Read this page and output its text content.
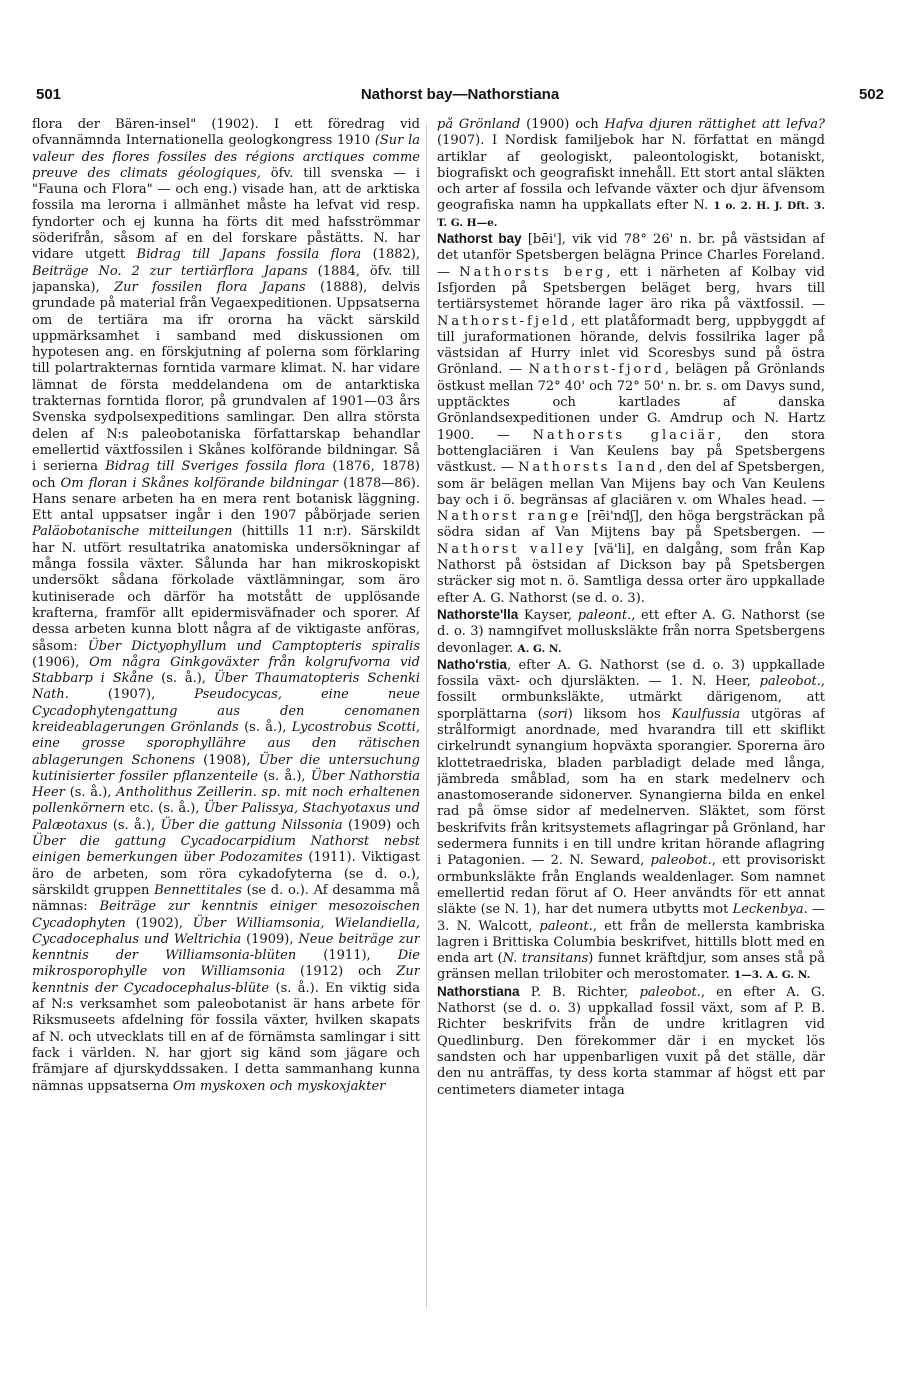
501	Nathorst bay—Nathorstiana	502

flora der Bären-insel" (1902). I ett föredrag vid ofvannämnda Internationella geologkongress 1910 (Sur la valeur des flores fossiles des régions arctiques comme preuve des climats géologiques, öfv. till svenska — i "Fauna och Flora" — och eng.) visade han, att de arktiska fossila ma lerorna i allmänhet måste ha lefvat vid resp. fyndorter och ej kunna ha förts dit med hafsströmmar söderifrån, såsom af en del forskare påstätts. N. har vidare utgett Bidrag till Japans fossila flora (1882), Beiträge No. 2 zur tertiärflora Japans (1884, öfv. till japanska), Zur fossilen flora Japans (1888), delvis grundade på material från Vegaexpeditionen. Uppsatserna om de tertiära ma ifr ororna ha väckt särskild uppmärksamhet i samband med diskussionen om hypotesen ang. en förskjutning af polerna som förklaring till polartrakternas forntida varmare klimat. N. har vidare lämnat de första meddelandena om de antarktiska trakternas forntida floror, på grundvalen af 1901—03 års Svenska sydpolsexpeditions samlingar. Den allra största delen af N:s paleobotaniska författarskap behandlar emellertid växtfossilen i Skånes kolförande bildningar. Så i serierna Bidrag till Sveriges fossila flora (1876, 1878) och Om floran i Skånes kolförande bildningar (1878—86). Hans senare arbeten ha en mera rent botanisk läggning. Ett antal uppsatser ingår i den 1907 påbörjade serien Paläobotanische mitteilungen (hittills 11 n:r). Särskildt har N. utfört resultatrika anatomiska undersökningar af många fossila växter. Sålunda har han mikroskopiskt undersökt sådana förkolade växtlämningar, som äro kutiniserade och därför ha motstått de upplösande krafterna, framför allt epidermisväfnader och sporer. Af dessa arbeten kunna blott några af de viktigaste anföras, såsom: Über Dictyophyllum und Camptopteris spiralis (1906), Om några Ginkgoväxter från kolgrufvorna vid Stabbarp i Skåne (s. å.), Über Thaumatopteris Schenki Nath. (1907), Pseudocycas, eine neue Cycadophytengattung aus den cenomanen kreideablagerungen Grönlands (s. å.), Lycostrobus Scotti, eine grosse sporophyllähre aus den rätischen ablagerungen Schonens (1908), Über die untersuchung kutinisierter fossiler pflanzenteile (s. å.), Über Nathorstia Heer (s. å.), Antholithus Zeillerin. sp. mit noch erhaltenen pollenkörnern etc. (s. å.), Über Palissya, Stachyotaxus und Palæotaxus (s. å.), Über die gattung Nilssonia (1909) och Über die gattung Cycadocarpidium Nathorst nebst einigen bemerkungen über Podozamites (1911). Viktigast äro de arbeten, som röra cykadofyterna (se d. o.), särskildt gruppen Bennettitales (se d. o.). Af desamma må nämnas: Beiträge zur kenntnis einiger mesozoischen Cycadophyten (1902), Über Williamsonia, Wielandiella, Cycadocephalus und Weltrichia (1909), Neue beiträge zur kenntnis der Williamsonia-blüten (1911), Die mikrosporophylle von Williamsonia (1912) och Zur kenntnis der Cycadocephalus-blüte (s. å.). En viktig sida af N:s verksamhet som paleobotanist är hans arbete för Riksmuseets afdelning för fossila växter, hvilken skapats af N. och utvecklats till en af de förnämsta samlingar i sitt fack i världen. N. har gjort sig känd som jägare och främjare af djurskyddssaken. I detta sammanhang kunna nämnas uppsatserna Om myskoxen och myskoxjakter

på Grönland (1900) och Hafva djuren rättighet att lefva? (1907). I Nordisk familjebok har N. författat en mängd artiklar af geologiskt, paleontologiskt, botaniskt, biografiskt och geografiskt innehåll. Ett stort antal släkten och arter af fossila och lefvande växter och djur äfvensom geografiska namn ha uppkallats efter N. 1 o. 2. H. J. Dft. 3. T. G. H—e.

Nathorst bay [bēi'], vik vid 78° 26' n. br. på västsidan af det utanför Spetsbergen belägna Prince Charles Foreland. — Nathorsts berg, ett i närheten af Kolbay vid Isfjorden på Spetsbergen beläget berg, hvars till tertiärsystemet hörande lager äro rika på växtfossil. — Nathorst-fjeld, ett platåformadt berg, uppbyggdt af till juraformationen hörande, delvis fossilrika lager på västsidan af Hurry inlet vid Scoresbys sund på östra Grönland. — Nathorst-fjord, belägen på Grönlands östkust mellan 72° 40' och 72° 50' n. br. s. om Davys sund, upptäcktes och kartlades af danska Grönlandsexpeditionen under G. Amdrup och N. Hartz 1900. — Nathorsts glaciär, den stora bottenglaciären i Van Keulens bay på Spetsbergens västkust. — Nathorsts land, den del af Spetsbergen, som är belägen mellan Van Mijens bay och Van Keulens bay och i ö. begränsas af glaciären v. om Whales head. — Nathorst range [rēi'ndʃ], den höga bergsträckan på södra sidan af Van Mijtens bay på Spetsbergen. — Nathorst valley [vä'li], en dalgång, som från Kap Nathorst på östsidan af Dickson bay på Spetsbergen sträcker sig mot n. ö. Samtliga dessa orter äro uppkallade efter A. G. Nathorst (se d. o. 3).

Nathorste'lla Kayser, paleont., ett efter A. G. Nathorst (se d. o. 3) namngifvet mollusksläkte från norra Spetsbergens devonlager. A. G. N.

Natho'rstia, efter A. G. Nathorst (se d. o. 3) uppkallade fossila växt- och djursläkten. — 1. N. Heer, paleobot., fossilt ormbunksläkte, utmärkt därigenom, att sporplättarna (sori) liksom hos Kaulfussia utgöras af strålformigt anordnade, med hvarandra till ett skiflikt cirkelrundt synangium hopväxta sporangier. Sporerna äro klottetraedriska, bladen parbladigt delade med långa, jämbreda småblad, som ha en stark medelnerv och anastomoserande sidonerver. Synangierna bilda en enkel rad på ömse sidor af medelnerven. Släktet, som först beskrifvits från kritsystemets aflagringar på Grönland, har sedermera funnits i en till undre kritan hörande aflagring i Patagonien. — 2. N. Seward, paleobot., ett provisoriskt ormbunksläkte från Englands wealdenlager. Som namnet emellertid redan förut af O. Heer användts för ett annat släkte (se N. 1), har det numera utbytts mot Leckenbya. — 3. N. Walcott, paleont., ett från de mellersta kambriska lagren i Brittiska Columbia beskrifvet, hittills blott med en enda art (N. transitans) funnet kräftdjur, som anses stå på gränsen mellan trilobiter och merostomater. 1—3. A. G. N.

Nathorstiana P. B. Richter, paleobot., en efter A. G. Nathorst (se d. o. 3) uppkallad fossil växt, som af P. B. Richter beskrifvits från de undre kritlagren vid Quedlinburg. Den förekommer där i en mycket lös sandsten och har uppenbarligen vuxit på det ställe, där den nu anträffas, ty dess korta stammar af högst ett par centimeters diameter intaga
